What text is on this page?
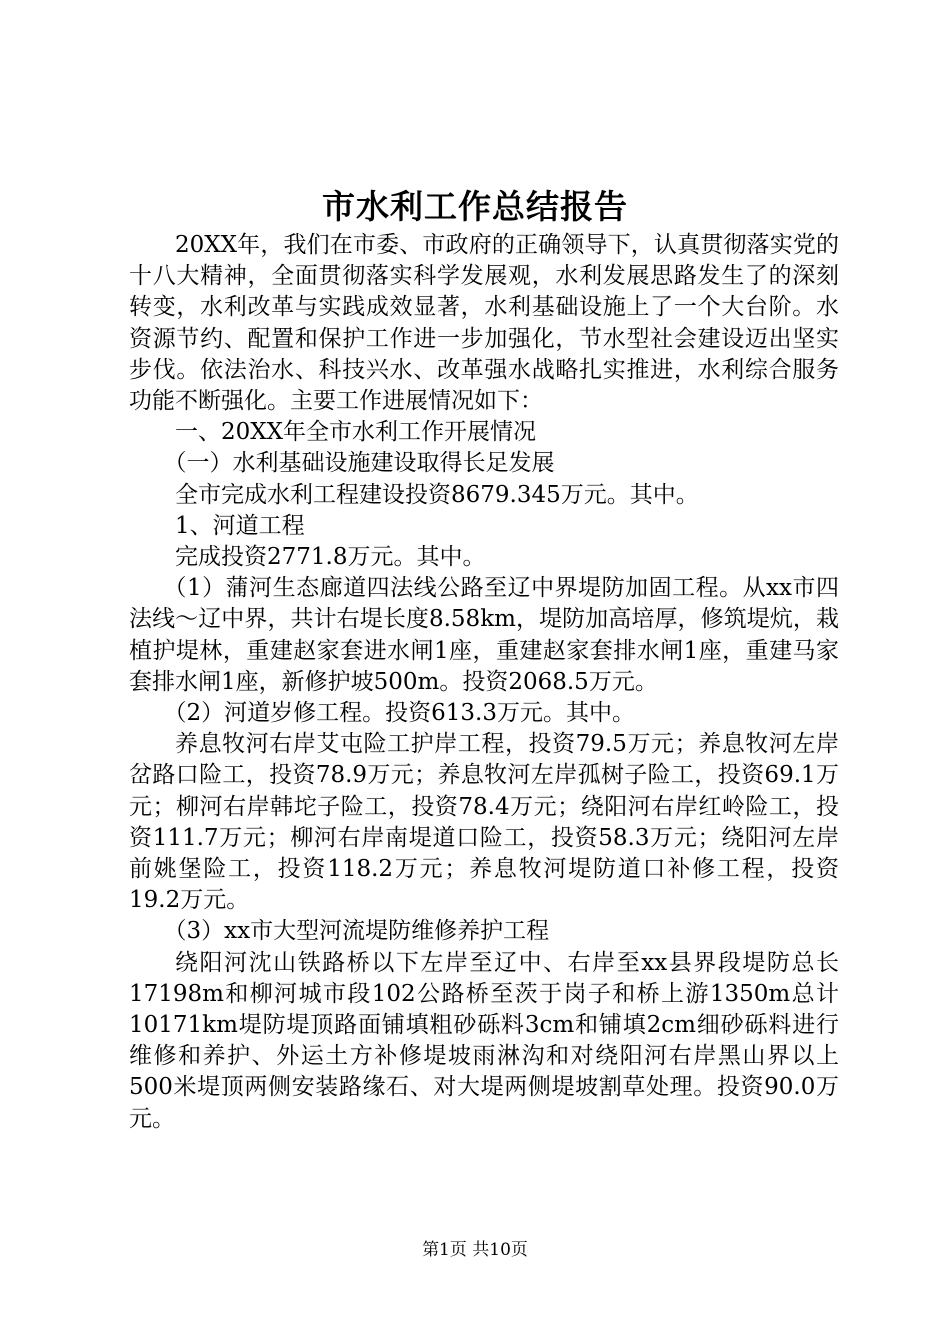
市水利工作总结报告

20XX年，我们在市委、市政府的正确领导下，认真贯彻落实党的十八大精神，全面贯彻落实科学发展观，水利发展思路发生了的深刻转变，水利改革与实践成效显著，水利基础设施上了一个大台阶。水资源节约、配置和保护工作进一步加强化，节水型社会建设迈出坚实步伐。依法治水、科技兴水、改革强水战略扎实推进，水利综合服务功能不断强化。主要工作进展情况如下：

一、20XX年全市水利工作开展情况

（一）水利基础设施建设取得长足发展

全市完成水利工程建设投资8679.345万元。其中。

1、河道工程

完成投资2771.8万元。其中。

（1）蒲河生态廊道四法线公路至辽中界堤防加固工程。从xx市四法线～辽中界，共计右堤长度8.58km，堤防加高培厚，修筑堤炕，栽植护堤林，重建赵家套进水闸1座，重建赵家套排水闸1座，重建马家套排水闸1座，新修护坡500m。投资2068.5万元。

（2）河道岁修工程。投资613.3万元。其中。

养息牧河右岸艾屯险工护岸工程，投资79.5万元；养息牧河左岸岔路口险工，投资78.9万元；养息牧河左岸孤树子险工，投资69.1万元；柳河右岸韩坨子险工，投资78.4万元；绕阳河右岸红岭险工，投资111.7万元；柳河右岸南堤道口险工，投资58.3万元；绕阳河左岸前姚堡险工，投资118.2万元；养息牧河堤防道口补修工程，投资19.2万元。

（3）xx市大型河流堤防维修养护工程

绕阳河沈山铁路桥以下左岸至辽中、右岸至xx县界段堤防总长17198m和柳河城市段102公路桥至茨于岗子和桥上游1350m总计10171km堤防堤顶路面铺填粗砂砾料3cm和铺填2cm细砂砾料进行维修和养护、外运土方补修堤坡雨淋沟和对绕阳河右岸黑山界以上500米堤顶两侧安装路缘石、对大堤两侧堤坡割草处理。投资90.0万元。

第1页 共10页
